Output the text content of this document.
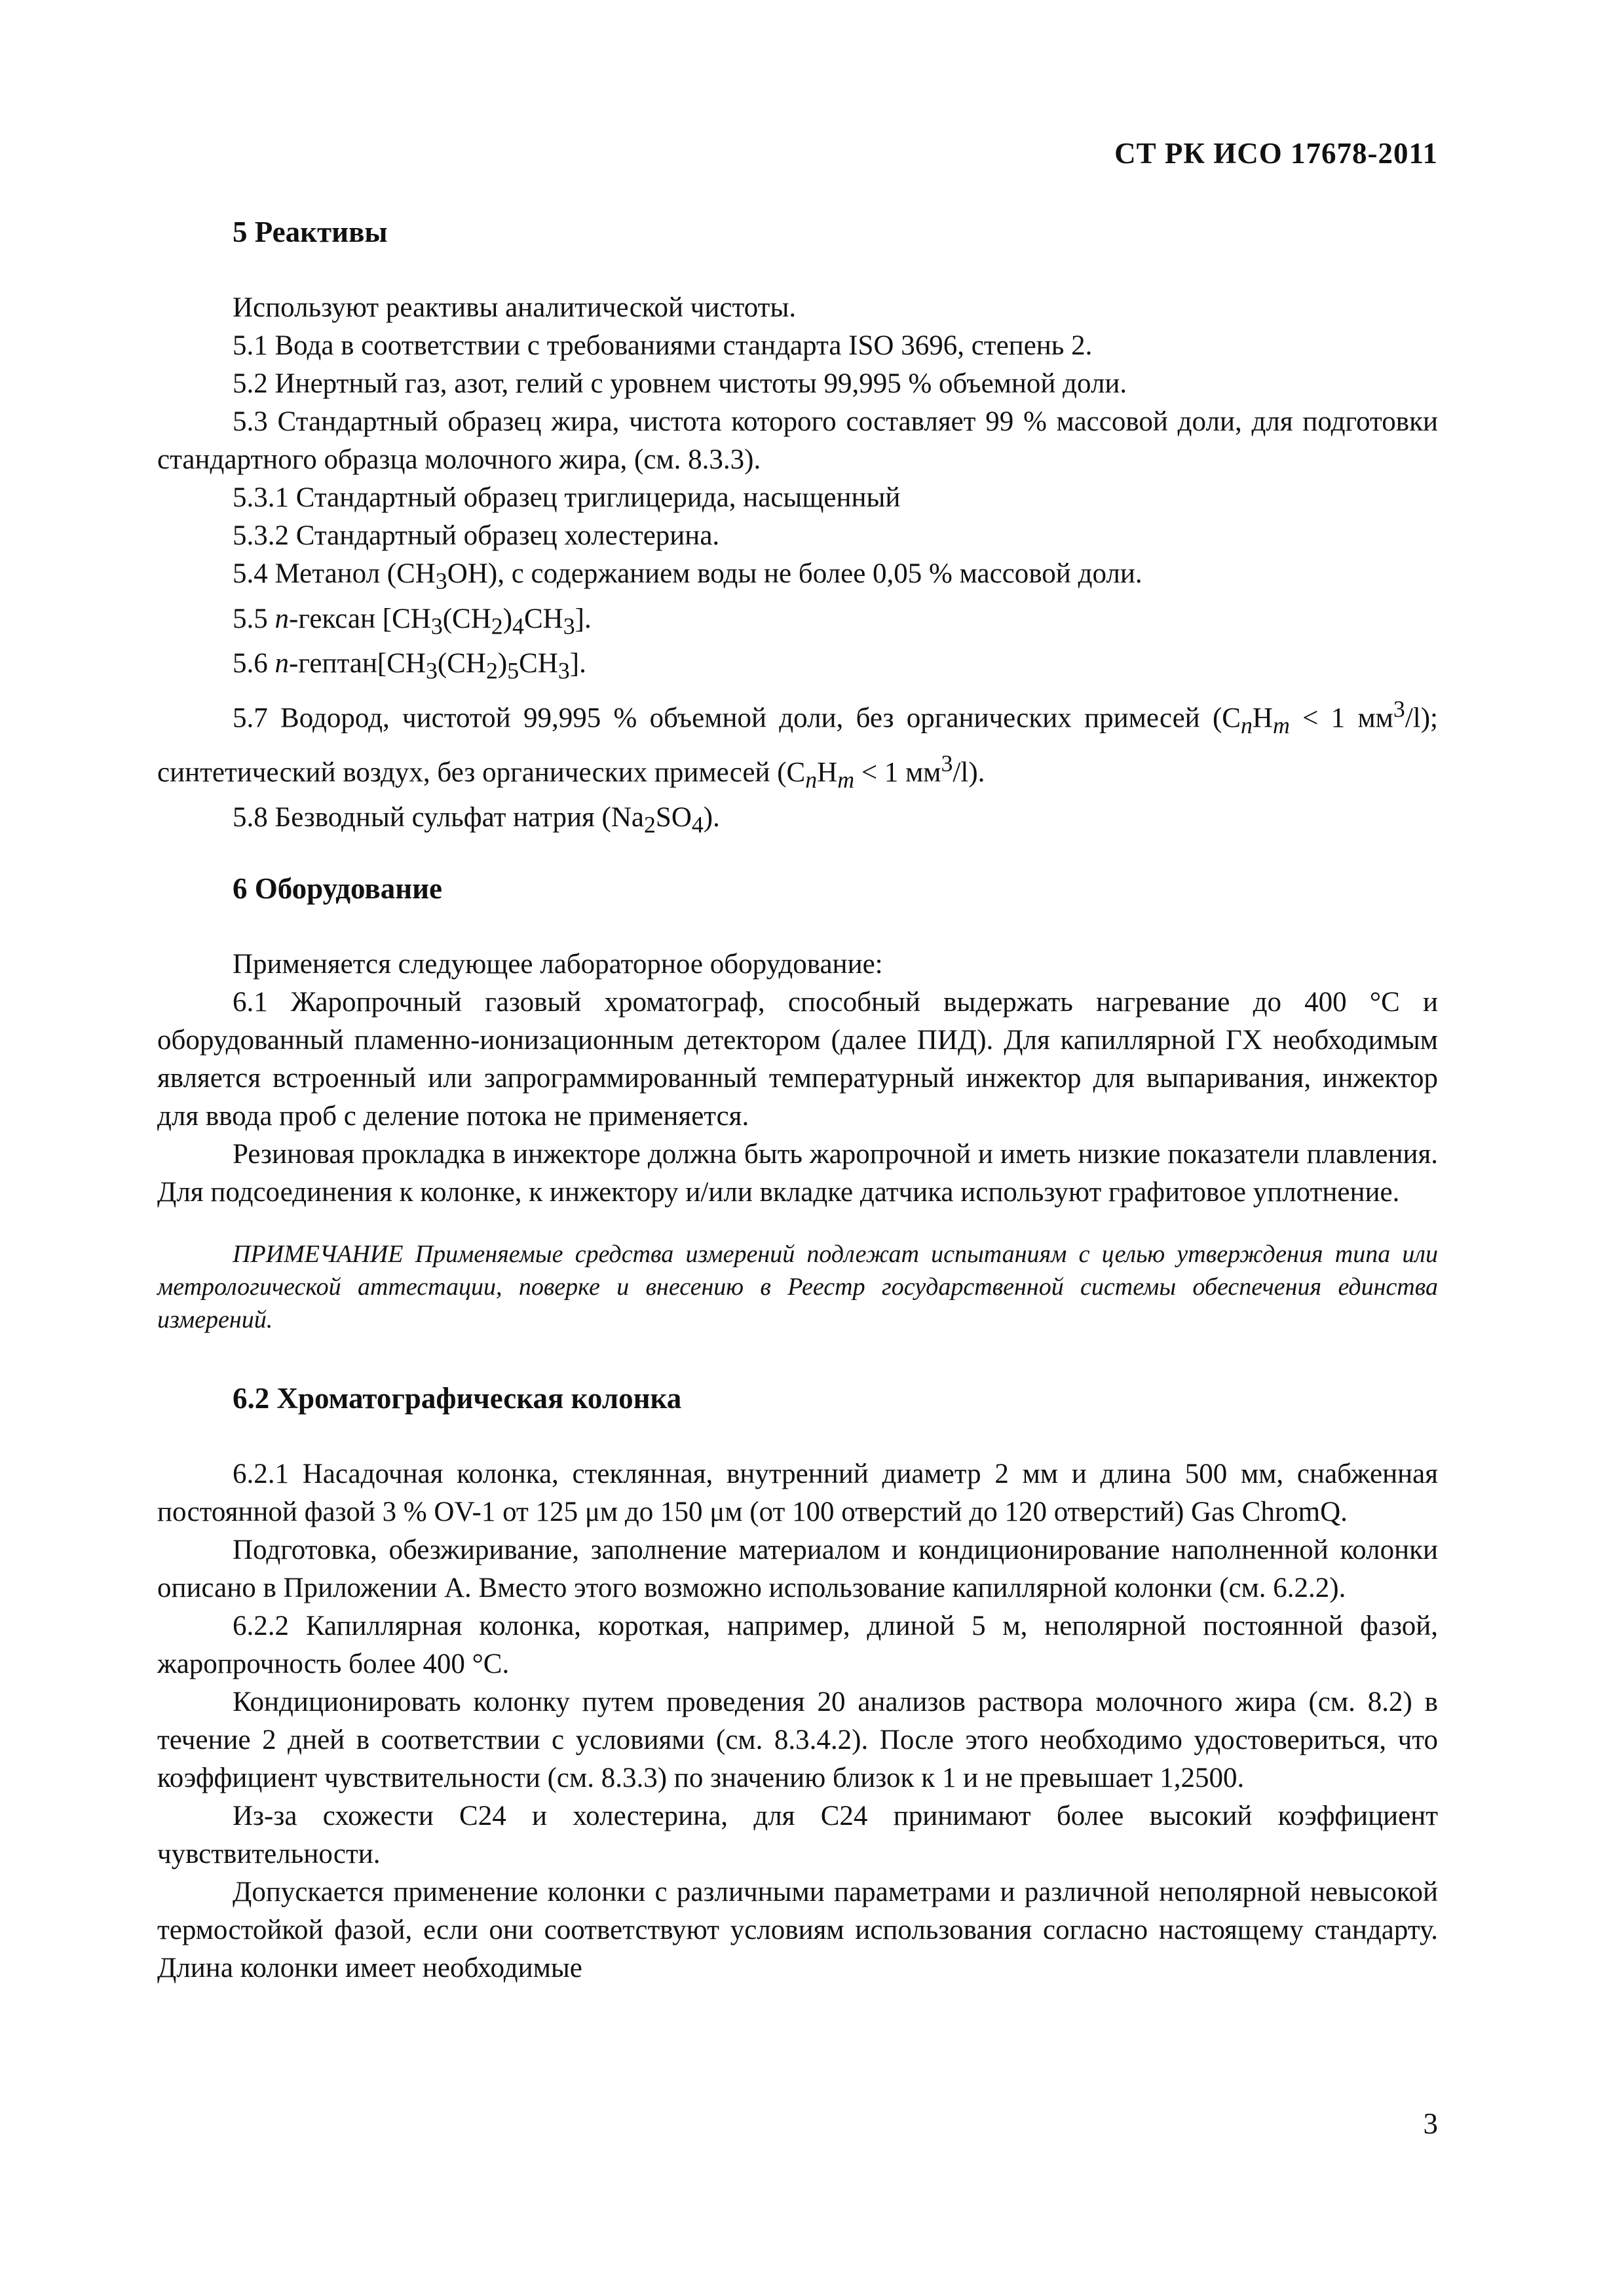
СТ РК ИСО 17678-2011
5 Реактивы

Используют реактивы аналитической чистоты.

5.1 Вода в соответствии с требованиями стандарта ISO 3696, степень 2.

5.2 Инертный газ, азот, гелий с уровнем чистоты 99,995 % объемной доли.

5.3 Стандартный образец жира, чистота которого составляет 99 % массовой доли, для подготовки стандартного образца молочного жира, (см. 8.3.3).

5.3.1 Стандартный образец триглицерида, насыщенный

5.3.2 Стандартный образец холестерина.

5.4 Метанол $(CH_3OH)$, с содержанием воды не более 0,05 % массовой доли.

5.5 n-гексан $[CH_3(CH_2)_4CH_3]$.

5.6 $n-гептан[CH_3(CH_2)_5CH_3]$.

5.7 Водород, чистотой 99,995 % объемной доли, без органических примесей ($C_nH_m < 1$ $мм^3/l$); синтетический воздух, без органических примесей ($C_nH_m < 1$ $мм^3/l$).

5.8 Безводный сульфат натрия $(Na_2SO_4)$.

6 Оборудование

Применяется следующее лабораторное оборудование:

6.1 Жаропрочный газовый хроматограф, способный выдержать нагревание до 400 °C и оборудованный пламенно-ионизационным детектором (далее ПИД). Для капиллярной ГХ необходимым является встроенный или запрограммированный температурный инжектор для выпаривания, инжектор для ввода проб с деление потока не применяется.

Резиновая прокладка в инжекторе должна быть жаропрочной и иметь низкие показатели плавления. Для подсоединения к колонке, к инжектору и/или вкладке датчика используют графитовое уплотнение.

ПРИМЕЧАНИЕ Применяемые средства измерений подлежат испытаниям с целью утверждения типа или метрологической аттестации, поверке и внесению в Реестр государственной системы обеспечения единства измерений.

6.2 Хроматографическая колонка

6.2.1 Насадочная колонка, стеклянная, внутренний диаметр 2 мм и длина 500 мм, снабженная постоянной фазой 3 % OV-1 от 125 μм до 150 μм (от 100 отверстий до 120 отверстий) Gas ChromQ.

Подготовка, обезжиривание, заполнение материалом и кондиционирование наполненной колонки описано в Приложении А. Вместо этого возможно использование капиллярной колонки (см. 6.2.2).

6.2.2 Капиллярная колонка, короткая, например, длиной 5 м, неполярной постоянной фазой, жаропрочность более 400 °C.

Кондиционировать колонку путем проведения 20 анализов раствора молочного жира (см. 8.2) в течение 2 дней в соответствии с условиями (см. 8.3.4.2). После этого необходимо удостовериться, что коэффициент чувствительности (см. 8.3.3) по значению близок к 1 и не превышает 1,2500.

Из-за схожести С24 и холестерина, для С24 принимают более высокий коэффициент чувствительности.

Допускается применение колонки с различными параметрами и различной неполярной невысокой термостойкой фазой, если они соответствуют условиям использования согласно настоящему стандарту. Длина колонки имеет необходимые

3
